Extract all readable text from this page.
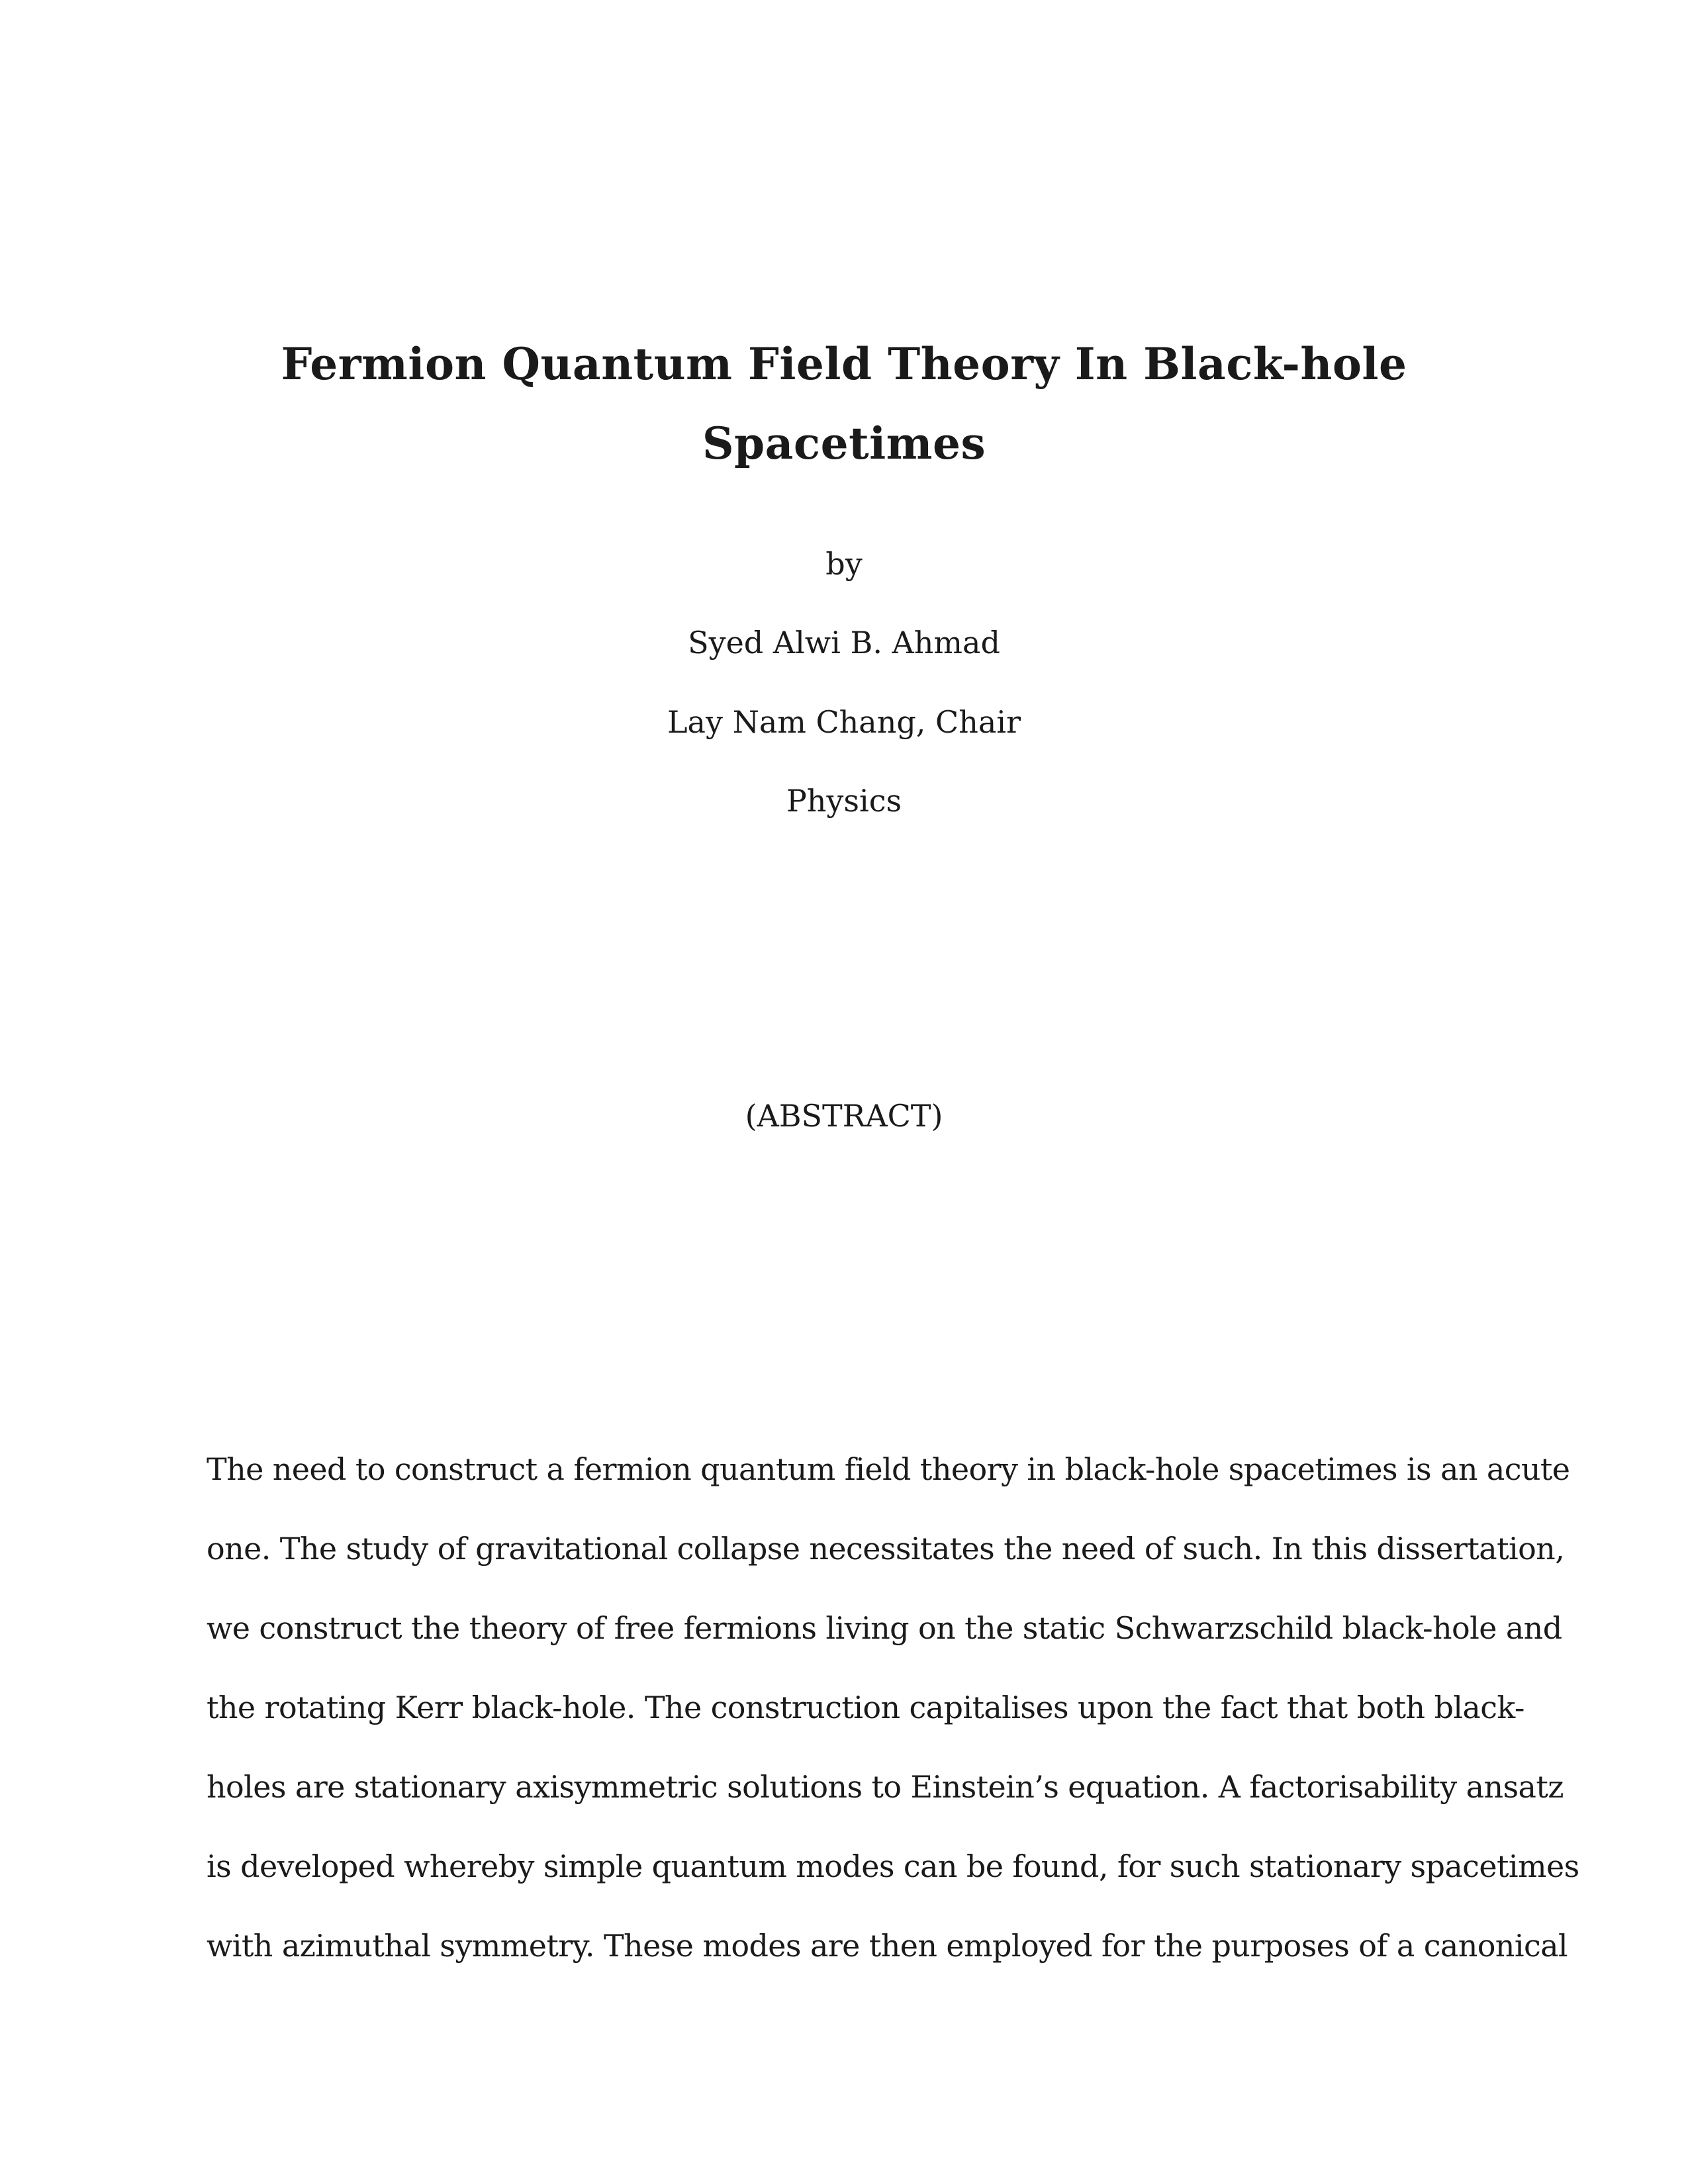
Fermion Quantum Field Theory In Black-hole

Spacetimes

by

Syed Alwi B. Ahmad

Lay Nam Chang, Chair

Physics

(ABSTRACT)

The need to construct a fermion quantum field theory in black-hole spacetimes is an acute

one. The study of gravitational collapse necessitates the need of such. In this dissertation,

we construct the theory of free fermions living on the static Schwarzschild black-hole and

the rotating Kerr black-hole. The construction capitalises upon the fact that both black-

holes are stationary axisymmetric solutions to Einstein’s equation. A factorisability ansatz

is developed whereby simple quantum modes can be found, for such stationary spacetimes

with azimuthal symmetry. These modes are then employed for the purposes of a canonical
